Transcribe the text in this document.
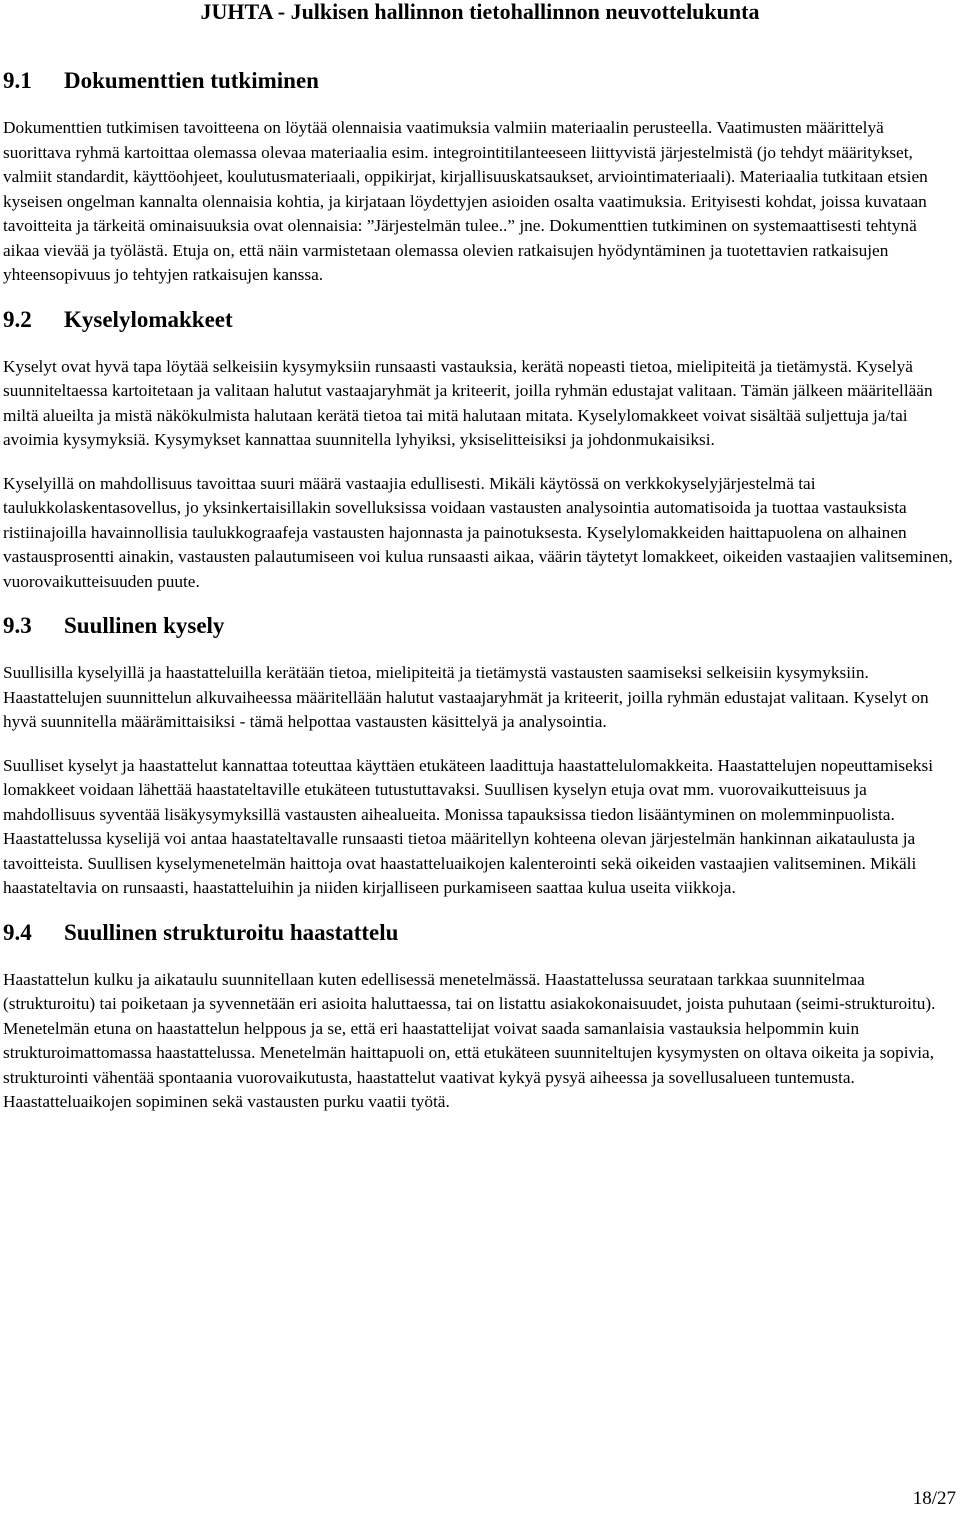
JUHTA - Julkisen hallinnon tietohallinnon neuvottelukunta
9.1	Dokumenttien tutkiminen

Dokumenttien tutkimisen tavoitteena on löytää olennaisia vaatimuksia valmiin materiaalin perusteella. Vaatimusten määrittelyä suorittava ryhmä kartoittaa olemassa olevaa materiaalia esim. integrointitilanteeseen liittyvistä järjestelmistä (jo tehdyt määritykset, valmiit standardit, käyttöohjeet, koulutusmateriaali, oppikirjat, kirjallisuuskatsaukset, arviointimateriaali). Materiaalia tutkitaan etsien kyseisen ongelman kannalta olennaisia kohtia, ja kirjataan löydettyjen asioiden osalta vaatimuksia. Erityisesti kohdat, joissa kuvataan tavoitteita ja tärkeitä ominaisuuksia ovat olennaisia: ”Järjestelmän tulee..” jne. Dokumenttien tutkiminen on systemaattisesti tehtynä aikaa vievää ja työlästä. Etuja on, että näin varmistetaan olemassa olevien ratkaisujen hyödyntäminen ja tuotettavien ratkaisujen yhteensopivuus jo tehtyjen ratkaisujen kanssa.

9.2	Kyselylomakkeet

Kyselyt ovat hyvä tapa löytää selkeisiin kysymyksiin runsaasti vastauksia, kerätä nopeasti tietoa, mielipiteitä ja tietämystä. Kyselyä suunniteltaessa kartoitetaan ja valitaan halutut vastaajaryhmät ja kriteerit, joilla ryhmän edustajat valitaan. Tämän jälkeen määritellään miltä alueilta ja mistä näkökulmista halutaan kerätä tietoa tai mitä halutaan mitata. Kyselylomakkeet voivat sisältää suljettuja ja/tai avoimia kysymyksiä. Kysymykset kannattaa suunnitella lyhyiksi, yksiselitteisiksi ja johdonmukaisiksi.

Kyselyillä on mahdollisuus tavoittaa suuri määrä vastaajia edullisesti. Mikäli käytössä on verkkokyselyjärjestelmä tai taulukkolaskentasovellus, jo yksinkertaisillakin sovelluksissa voidaan vastausten analysointia automatisoida ja tuottaa vastauksista ristiinajoilla havainnollisia taulukkograafeja vastausten hajonnasta ja painotuksesta. Kyselylomakkeiden haittapuolena on alhainen vastausprosentti ainakin, vastausten palautumiseen voi kulua runsaasti aikaa, väärin täytetyt lomakkeet, oikeiden vastaajien valitseminen, vuorovaikutteisuuden puute.

9.3	Suullinen kysely

Suullisilla kyselyillä ja haastatteluilla kerätään tietoa, mielipiteitä ja tietämystä vastausten saamiseksi selkeisiin kysymyksiin. Haastattelujen suunnittelun alkuvaiheessa määritellään halutut vastaajaryhmät ja kriteerit, joilla ryhmän edustajat valitaan. Kyselyt on hyvä suunnitella määrämittaisiksi - tämä helpottaa vastausten käsittelyä ja analysointia.

Suulliset kyselyt ja haastattelut kannattaa toteuttaa käyttäen etukäteen laadittuja haastattelulomakkeita. Haastattelujen nopeuttamiseksi lomakkeet voidaan lähettää haastateltaville etukäteen tutustuttavaksi. Suullisen kyselyn etuja ovat mm. vuorovaikutteisuus ja mahdollisuus syventää lisäkysymyksillä vastausten aihealueita. Monissa tapauksissa tiedon lisääntyminen on molemminpuolista. Haastattelussa kyselijä voi antaa haastateltavalle runsaasti tietoa määritellyn kohteena olevan järjestelmän hankinnan aikataulusta ja tavoitteista. Suullisen kyselymenetelmän haittoja ovat haastatteluaikojen kalenterointi sekä oikeiden vastaajien valitseminen. Mikäli haastateltavia on runsaasti, haastatteluihin ja niiden kirjalliseen purkamiseen saattaa kulua useita viikkoja.

9.4	Suullinen strukturoitu haastattelu

Haastattelun kulku ja aikataulu suunnitellaan kuten edellisessä menetelmässä. Haastattelussa seurataan tarkkaa suunnitelmaa (strukturoitu) tai poiketaan ja syvennetään eri asioita haluttaessa, tai on listattu asiakokonaisuudet, joista puhutaan (seimi-strukturoitu). Menetelmän etuna on haastattelun helppous ja se, että eri haastattelijat voivat saada samanlaisia vastauksia helpommin kuin strukturoimattomassa haastattelussa. Menetelmän haittapuoli on, että etukäteen suunniteltujen kysymysten on oltava oikeita ja sopivia, strukturointi vähentää spontaania vuorovaikutusta, haastattelut vaativat kykyä pysyä aiheessa ja sovellusalueen tuntemusta. Haastatteluaikojen sopiminen sekä vastausten purku vaatii työtä.

18/27
